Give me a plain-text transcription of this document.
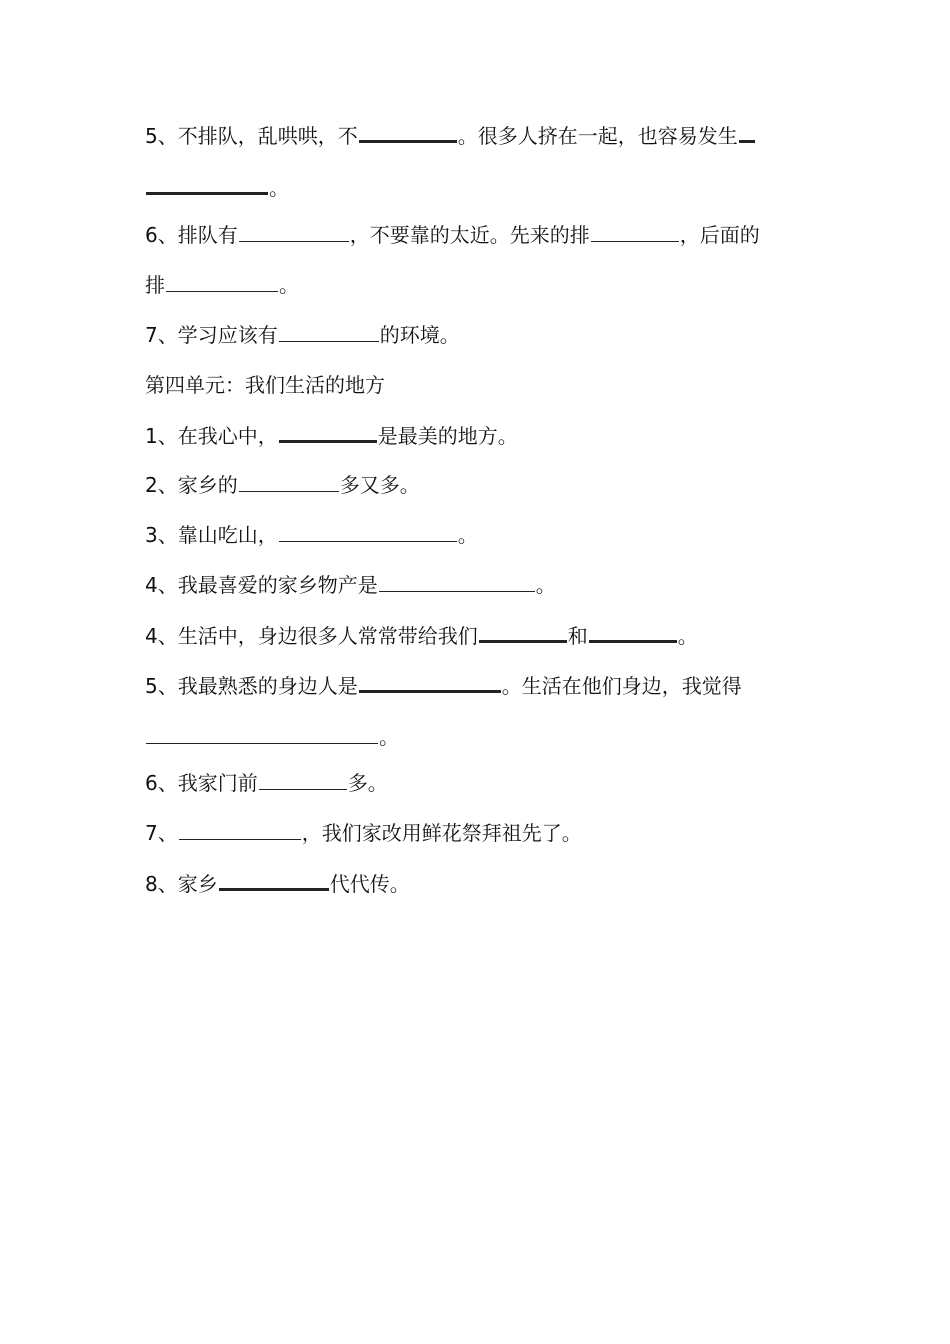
5、不排队，乱哄哄，不	。很多人挤在一起，也容易发生
。
6、排队有	，不要靠的太近。先来的排	，后面的
排	。
7、学习应该有	的环境。
第四单元：我们生活的地方
1、在我心中，	是最美的地方。
2、家乡的	多又多。
3、靠山吃山，	。
4、我最喜爱的家乡物产是	。
4、生活中，身边很多人常常带给我们	和	。
5、我最熟悉的身边人是	。生活在他们身边，我觉得
。
6、我家门前	多。
7、	，我们家改用鲜花祭拜祖先了。
8、家乡	代代传。
